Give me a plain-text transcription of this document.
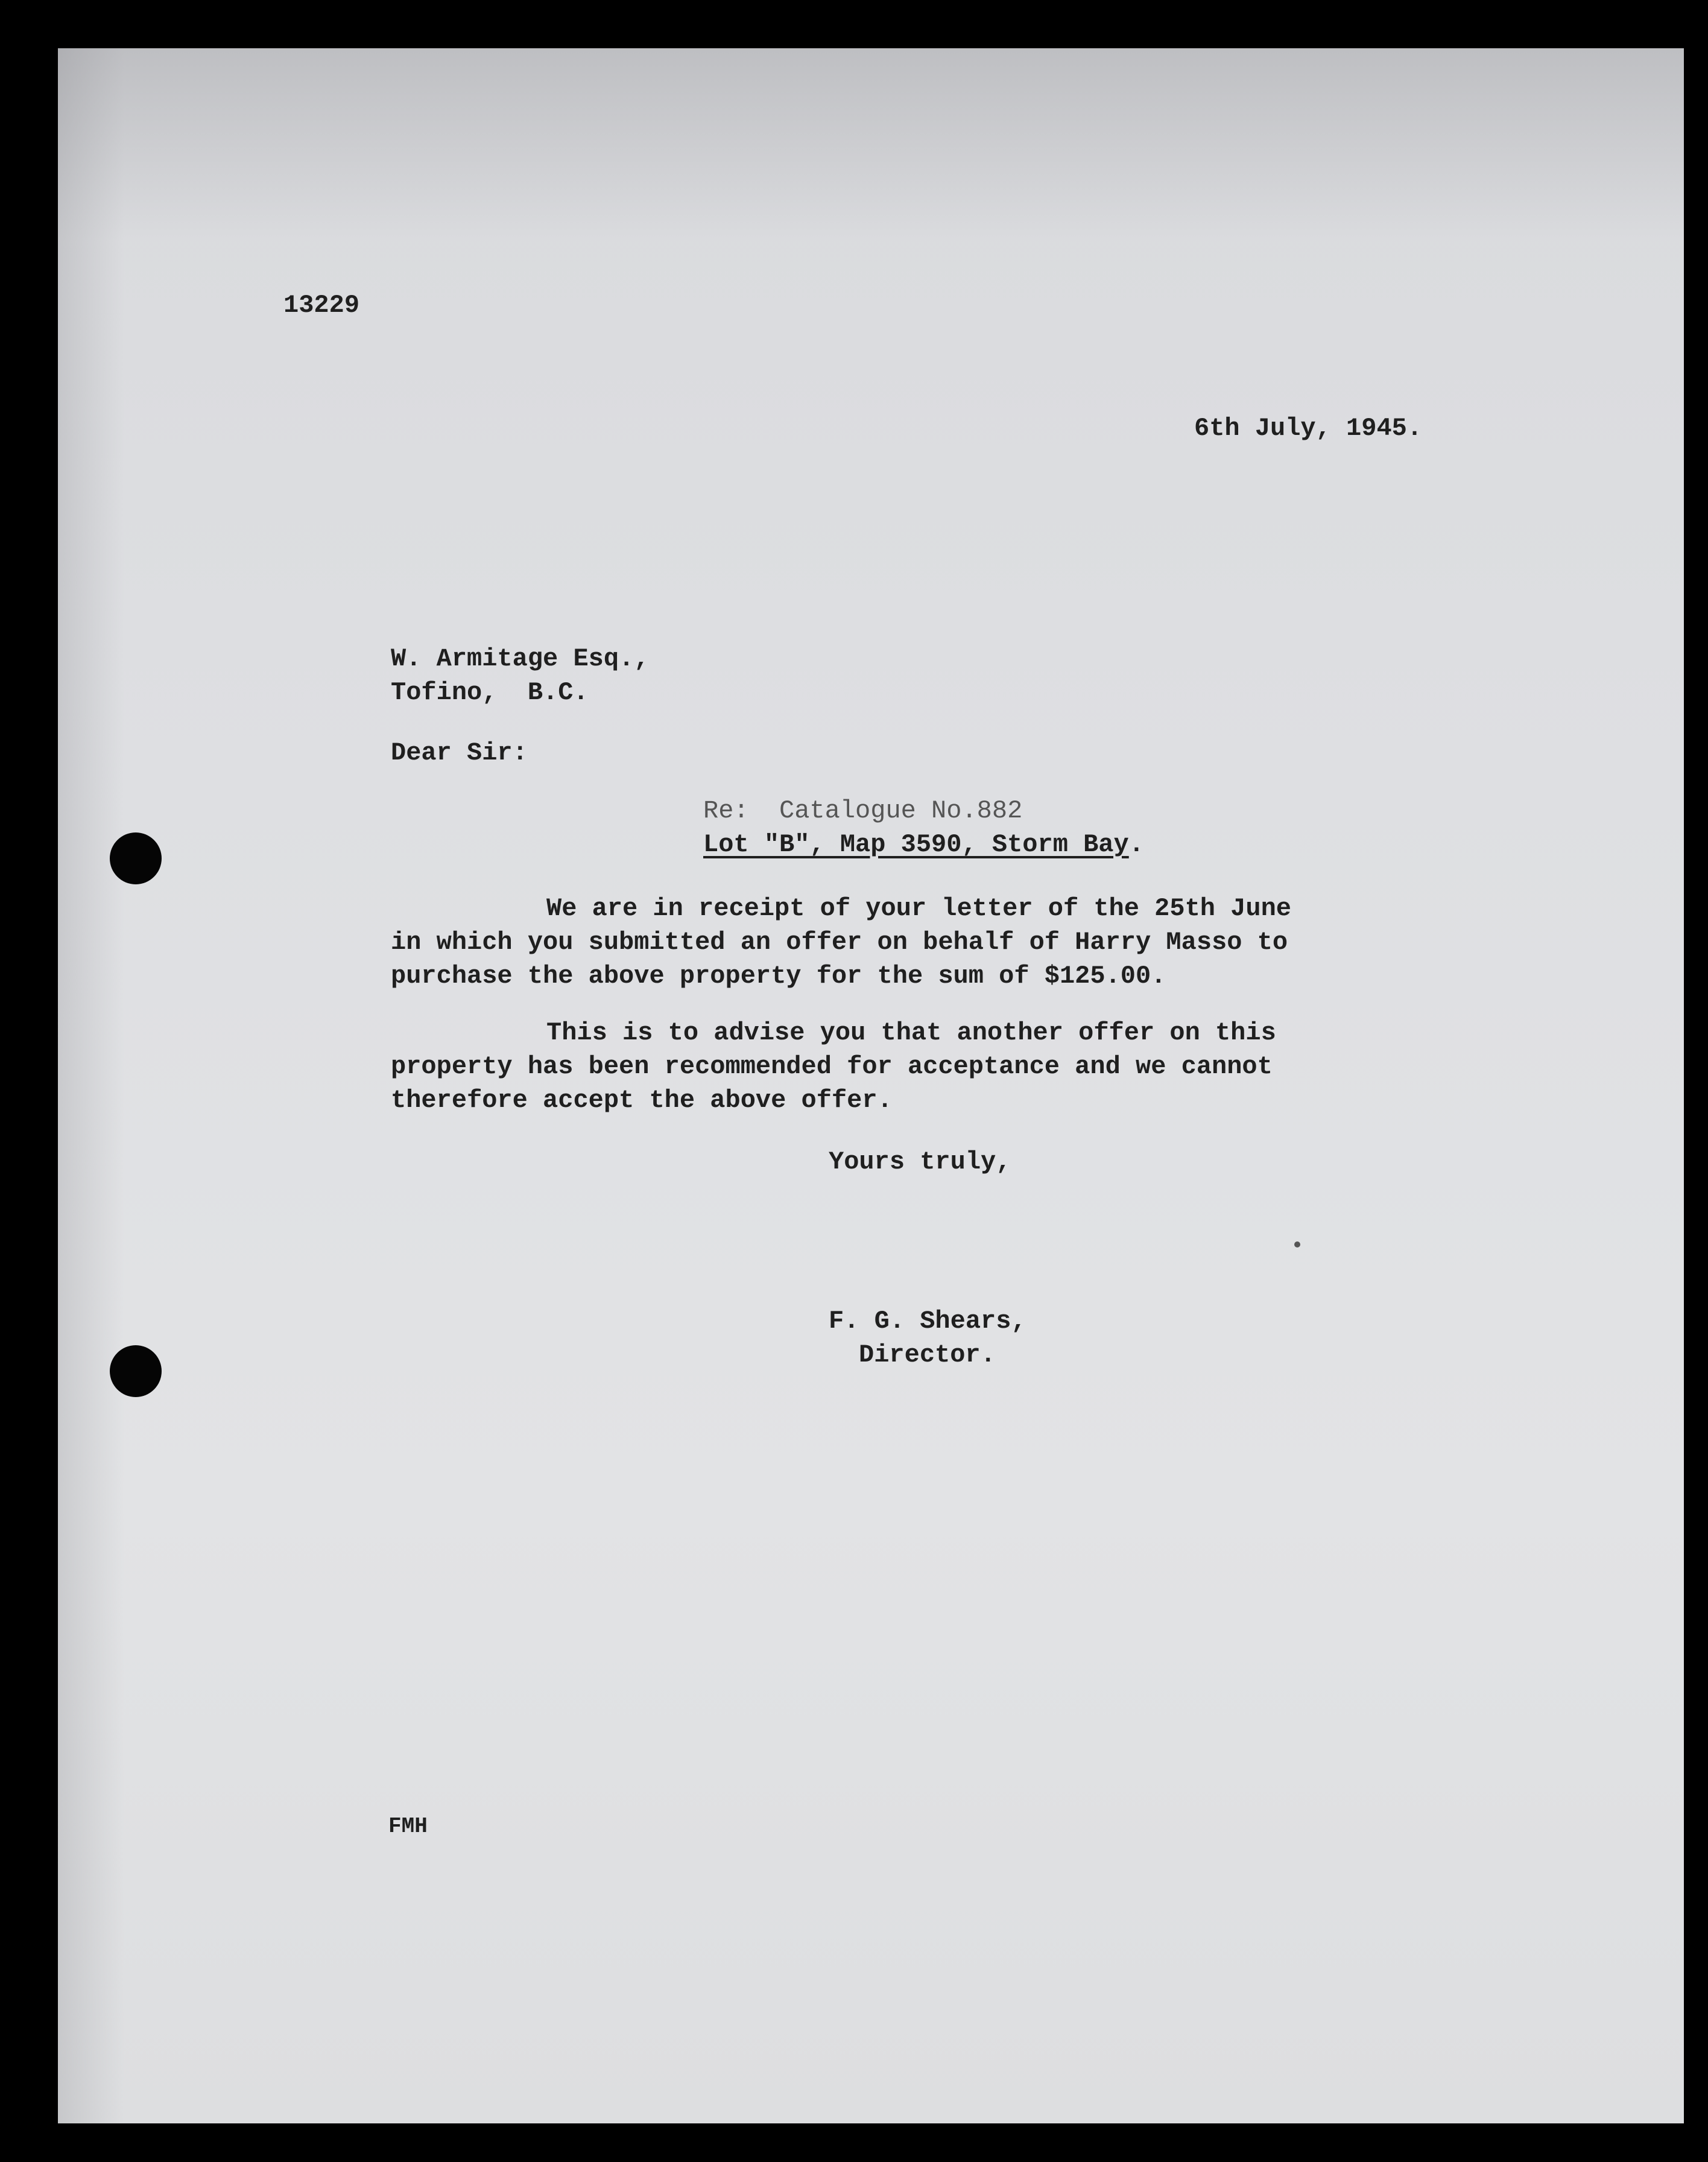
13229

6th July, 1945.

W. Armitage Esq.,

Tofino,  B.C.

Dear Sir:

Re:  Catalogue No.882

Lot "B", Map 3590, Storm Bay.

We are in receipt of your letter of the 25th June

in which you submitted an offer on behalf of Harry Masso to

purchase the above property for the sum of $125.00.

This is to advise you that another offer on this

property has been recommended for acceptance and we cannot

therefore accept the above offer.

Yours truly,

F. G. Shears,

Director.

FMH
